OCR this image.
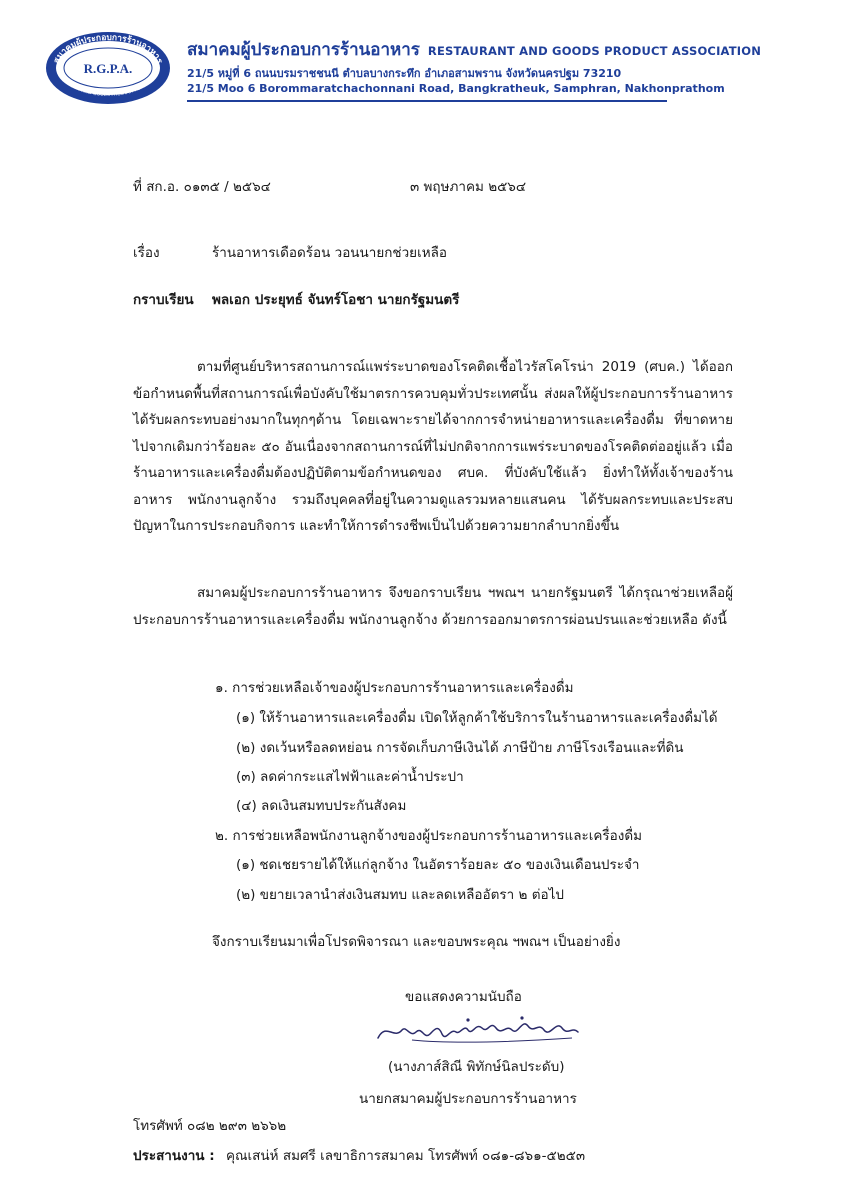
สมาคมผู้ประกอบการร้านอาหาร
RESTAURANT AND GOODS PRODUCT ASSOCIATION
R.G.P.A.
สมาคมผู้ประกอบการร้านอาหาร RESTAURANT AND GOODS PRODUCT ASSOCIATION
21/5 หมู่ที่ 6 ถนนบรมราชชนนี ตำบลบางกระทึก อำเภอสามพราน จังหวัดนครปฐม 73210
21/5 Moo 6 Borommaratchachonnani Road, Bangkratheuk, Samphran, Nakhonprathom
ที่ สก.อ. ๐๑๓๕ / ๒๕๖๔	๓ พฤษภาคม ๒๕๖๔
เรื่อง	ร้านอาหารเดือดร้อน วอนนายกช่วยเหลือ
กราบเรียน พลเอก ประยุทธ์ จันทร์โอชา นายกรัฐมนตรี

ตามที่ศูนย์บริหารสถานการณ์แพร่ระบาดของโรคติดเชื้อไวรัสโคโรน่า 2019 (ศบค.) ได้ออกข้อกำหนดพื้นที่สถานการณ์เพื่อบังคับใช้มาตรการควบคุมทั่วประเทศนั้น ส่งผลให้ผู้ประกอบการร้านอาหารได้รับผลกระทบอย่างมากในทุกๆด้าน โดยเฉพาะรายได้จากการจำหน่ายอาหารและเครื่องดื่ม ที่ขาดหายไปจากเดิมกว่าร้อยละ ๕๐ อันเนื่องจากสถานการณ์ที่ไม่ปกติจากการแพร่ระบาดของโรคติดต่ออยู่แล้ว เมื่อร้านอาหารและเครื่องดื่มต้องปฏิบัติตามข้อกำหนดของ ศบค. ที่บังคับใช้แล้ว ยิ่งทำให้ทั้งเจ้าของร้านอาหาร พนักงานลูกจ้าง รวมถึงบุคคลที่อยู่ในความดูแลรวมหลายแสนคน ได้รับผลกระทบและประสบปัญหาในการประกอบกิจการ และทำให้การดำรงชีพเป็นไปด้วยความยากลำบากยิ่งขึ้น

สมาคมผู้ประกอบการร้านอาหาร จึงขอกราบเรียน ฯพณฯ นายกรัฐมนตรี ได้กรุณาช่วยเหลือผู้ประกอบการร้านอาหารและเครื่องดื่ม พนักงานลูกจ้าง ด้วยการออกมาตรการผ่อนปรนและช่วยเหลือ ดังนี้

๑. การช่วยเหลือเจ้าของผู้ประกอบการร้านอาหารและเครื่องดื่ม
(๑) ให้ร้านอาหารและเครื่องดื่ม เปิดให้ลูกค้าใช้บริการในร้านอาหารและเครื่องดื่มได้
(๒) งดเว้นหรือลดหย่อน การจัดเก็บภาษีเงินได้ ภาษีป้าย ภาษีโรงเรือนและที่ดิน
(๓) ลดค่ากระแสไฟฟ้าและค่าน้ำประปา
(๔) ลดเงินสมทบประกันสังคม
๒. การช่วยเหลือพนักงานลูกจ้างของผู้ประกอบการร้านอาหารและเครื่องดื่ม
(๑) ชดเชยรายได้ให้แก่ลูกจ้าง ในอัตราร้อยละ ๕๐ ของเงินเดือนประจำ
(๒) ขยายเวลานำส่งเงินสมทบ และลดเหลืออัตรา ๒ ต่อไป
จึงกราบเรียนมาเพื่อโปรดพิจารณา และขอบพระคุณ ฯพณฯ เป็นอย่างยิ่ง
ขอแสดงความนับถือ
(นางภาส์สิณี พิทักษ์นิลประดับ)
นายกสมาคมผู้ประกอบการร้านอาหาร
โทรศัพท์ ๐๘๒ ๒๙๓ ๒๖๖๒
ประสานงาน : คุณเสน่ห์ สมศรี เลขาธิการสมาคม โทรศัพท์ ๐๘๑-๘๖๑-๕๒๕๓
